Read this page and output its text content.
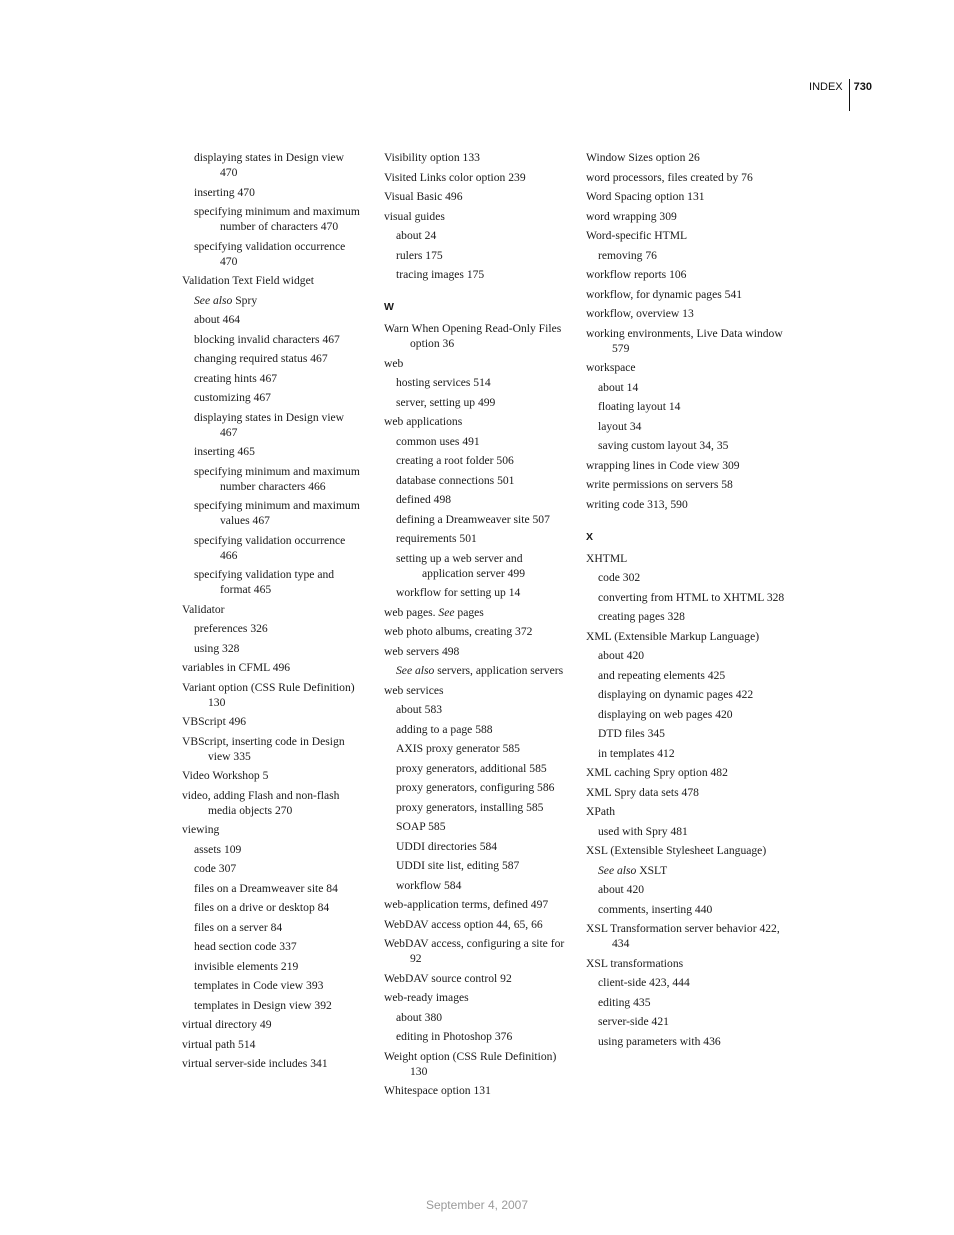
INDEX	730
displaying states in Design view 470
inserting 470
specifying minimum and maximum number of characters 470
specifying validation occurrence 470
Validation Text Field widget
See also Spry
about 464
blocking invalid characters 467
changing required status 467
creating hints 467
customizing 467
displaying states in Design view 467
inserting 465
specifying minimum and maximum number characters 466
specifying minimum and maximum values 467
specifying validation occurrence 466
specifying validation type and format 465
Validator
preferences 326
using 328
variables in CFML 496
Variant option (CSS Rule Definition) 130
VBScript 496
VBScript, inserting code in Design view 335
Video Workshop 5
video, adding Flash and non-flash media objects 270
viewing
assets 109
code 307
files on a Dreamweaver site 84
files on a drive or desktop 84
files on a server 84
head section code 337
invisible elements 219
templates in Code view 393
templates in Design view 392
virtual directory 49
virtual path 514
virtual server-side includes 341
Visibility option 133
Visited Links color option 239
Visual Basic 496
visual guides
about 24
rulers 175
tracing images 175
W
Warn When Opening Read-Only Files option 36
web
hosting services 514
server, setting up 499
web applications
common uses 491
creating a root folder 506
database connections 501
defined 498
defining a Dreamweaver site 507
requirements 501
setting up a web server and application server 499
workflow for setting up 14
web pages. See pages
web photo albums, creating 372
web servers 498
See also servers, application servers
web services
about 583
adding to a page 588
AXIS proxy generator 585
proxy generators, additional 585
proxy generators, configuring 586
proxy generators, installing 585
SOAP 585
UDDI directories 584
UDDI site list, editing 587
workflow 584
web-application terms, defined 497
WebDAV access option 44, 65, 66
WebDAV access, configuring a site for 92
WebDAV source control 92
web-ready images
about 380
editing in Photoshop 376
Weight option (CSS Rule Definition) 130
Whitespace option 131
Window Sizes option 26
word processors, files created by 76
Word Spacing option 131
word wrapping 309
Word-specific HTML
removing 76
workflow reports 106
workflow, for dynamic pages 541
workflow, overview 13
working environments, Live Data window 579
workspace
about 14
floating layout 14
layout 34
saving custom layout 34, 35
wrapping lines in Code view 309
write permissions on servers 58
writing code 313, 590
X
XHTML
code 302
converting from HTML to XHTML 328
creating pages 328
XML (Extensible Markup Language)
about 420
and repeating elements 425
displaying on dynamic pages 422
displaying on web pages 420
DTD files 345
in templates 412
XML caching Spry option 482
XML Spry data sets 478
XPath
used with Spry 481
XSL (Extensible Stylesheet Language)
See also XSLT
about 420
comments, inserting 440
XSL Transformation server behavior 422, 434
XSL transformations
client-side 423, 444
editing 435
server-side 421
using parameters with 436
September 4, 2007
